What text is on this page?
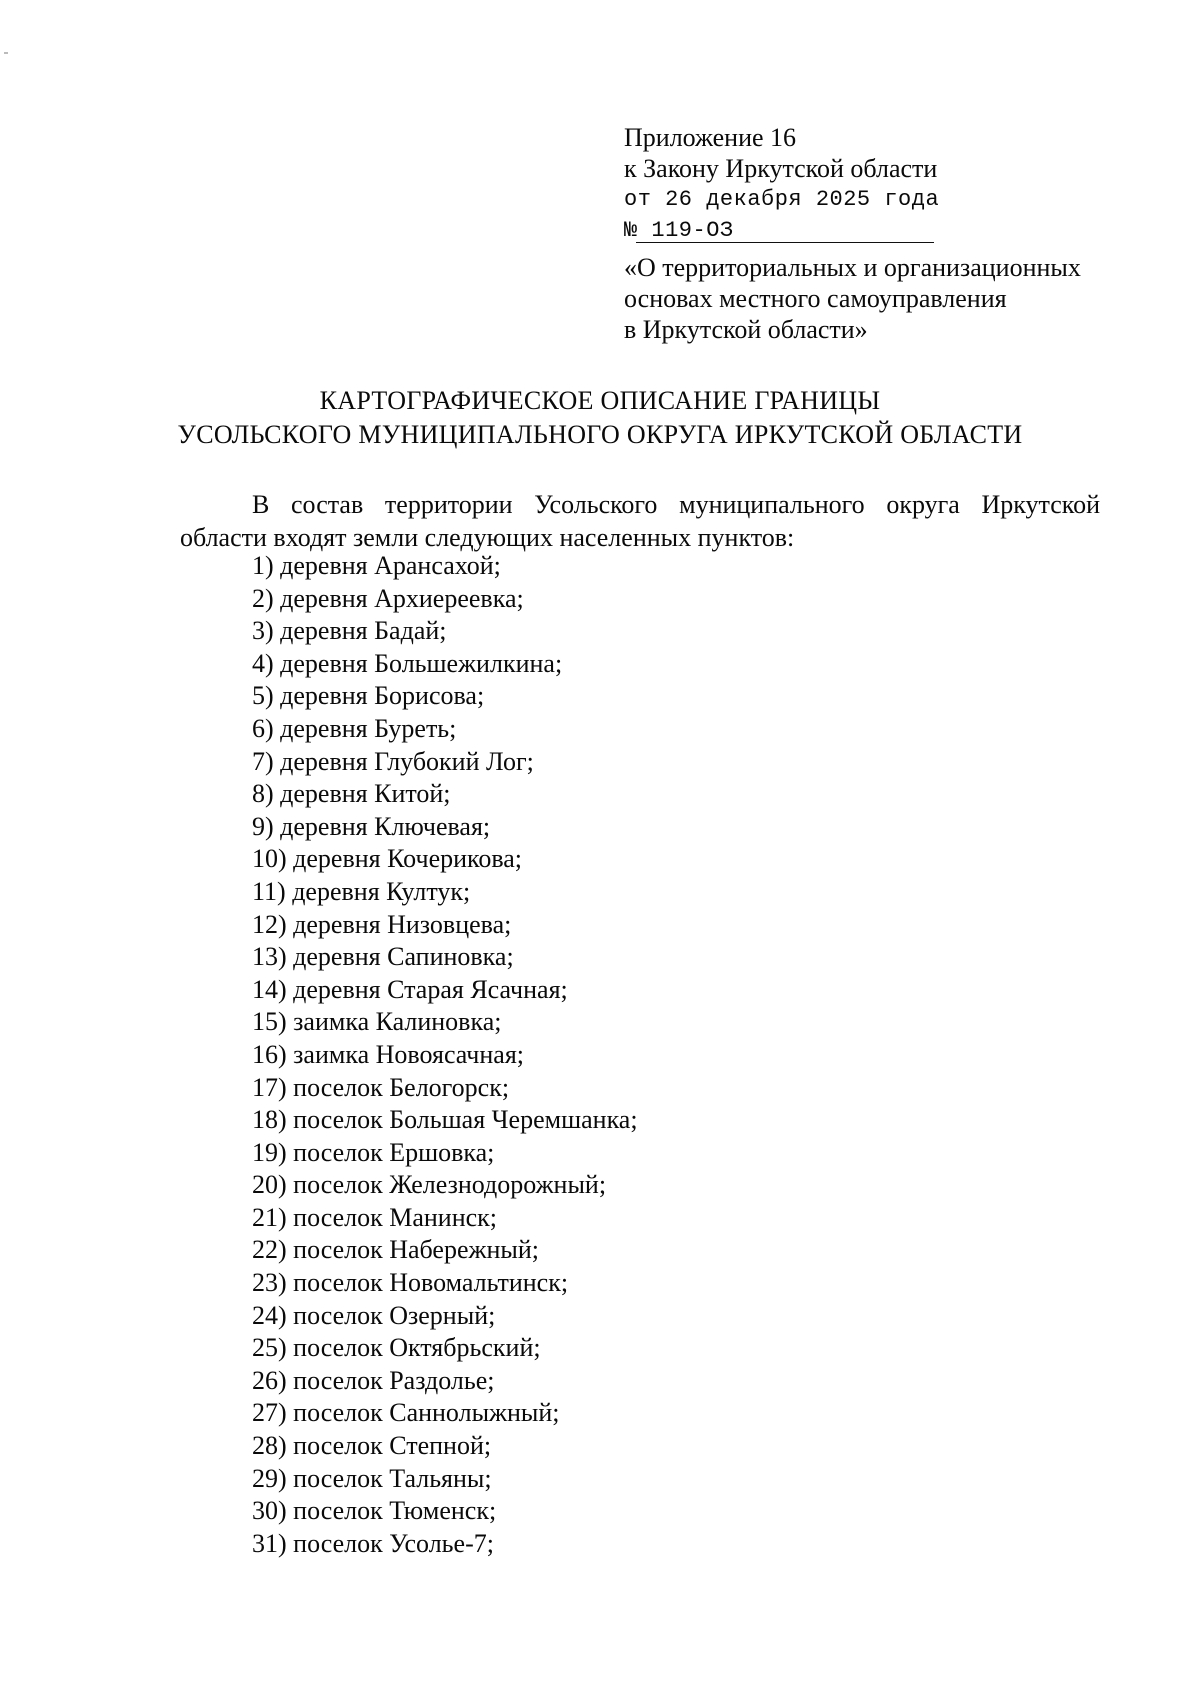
Приложение 16
к Закону Иркутской области
от 26 декабря 2025 года
№ 119-ОЗ
«О территориальных и организационных
основах местного самоуправления
в Иркутской области»
КАРТОГРАФИЧЕСКОЕ ОПИСАНИЕ ГРАНИЦЫ
УСОЛЬСКОГО МУНИЦИПАЛЬНОГО ОКРУГА ИРКУТСКОЙ ОБЛАСТИ

В состав территории Усольского муниципального округа Иркутской области входят земли следующих населенных пунктов:

1) деревня Арансахой;
2) деревня Архиереевка;
3) деревня Бадай;
4) деревня Большежилкина;
5) деревня Борисова;
6) деревня Буреть;
7) деревня Глубокий Лог;
8) деревня Китой;
9) деревня Ключевая;
10) деревня Кочерикова;
11) деревня Култук;
12) деревня Низовцева;
13) деревня Сапиновка;
14) деревня Старая Ясачная;
15) заимка Калиновка;
16) заимка Новоясачная;
17) поселок Белогорск;
18) поселок Большая Черемшанка;
19) поселок Ершовка;
20) поселок Железнодорожный;
21) поселок Манинск;
22) поселок Набережный;
23) поселок Новомальтинск;
24) поселок Озерный;
25) поселок Октябрьский;
26) поселок Раздолье;
27) поселок Саннолыжный;
28) поселок Степной;
29) поселок Тальяны;
30) поселок Тюменск;
31) поселок Усолье-7;
